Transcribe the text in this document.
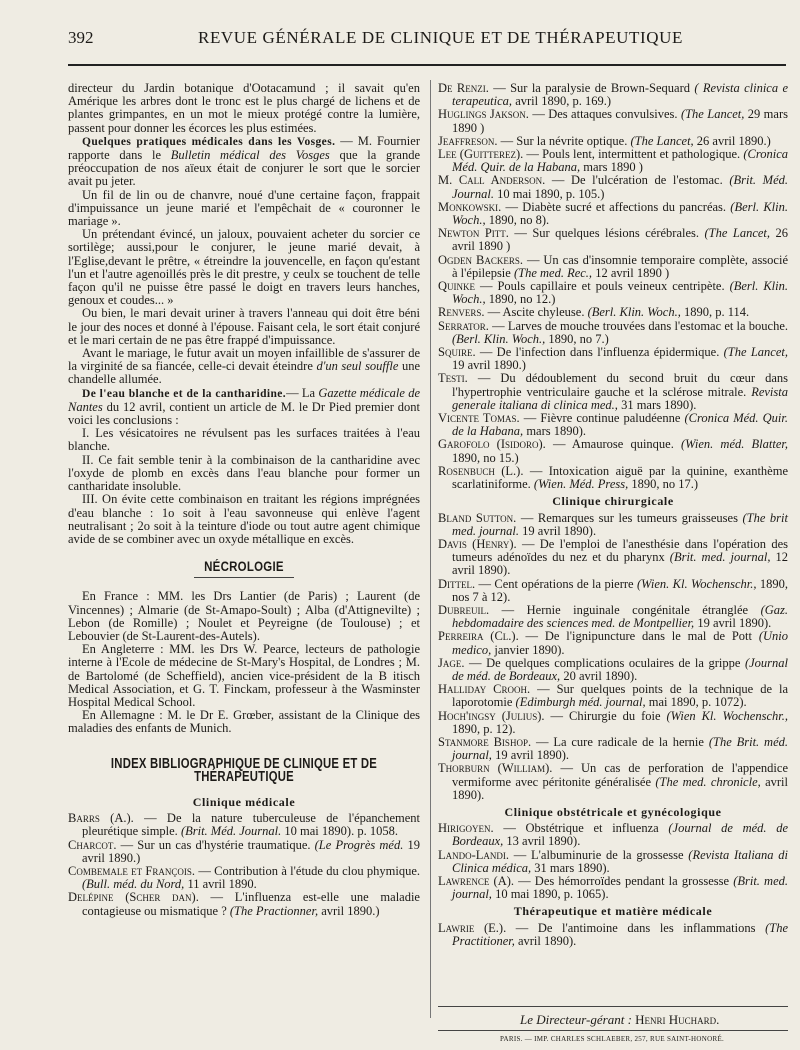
392	REVUE GÉNÉRALE DE CLINIQUE ET DE THÉRAPEUTIQUE

directeur du Jardin botanique d'Ootacamund ; il savait qu'en Amérique les arbres dont le tronc est le plus chargé de lichens et de plantes grimpantes, en un mot le mieux protégé contre la lumière, passent pour donner les écorces les plus estimées.

Quelques pratiques médicales dans les Vosges. — M. Fournier rapporte dans le Bulletin médical des Vosges que la grande préoccupation de nos aïeux était de conjurer le sort que le sorcier avait pu jeter.

Un fil de lin ou de chanvre, noué d'une certaine façon, frappait d'impuissance un jeune marié et l'empêchait de « couronner le mariage ».

Un prétendant évincé, un jaloux, pouvaient acheter du sorcier ce sortilège; aussi,pour le conjurer, le jeune marié devait, à l'Eglise,devant le prêtre, « étreindre la jouvencelle, en façon qu'estant l'un et l'autre agenoillés près le dit prestre, y ceulx se touchent de telle façon qu'il ne puisse être passé le doigt en travers leurs hanches, genoux et coudes... »

Ou bien, le mari devait uriner à travers l'anneau qui doit être béni le jour des noces et donné à l'épouse. Faisant cela, le sort était conjuré et le mari certain de ne pas être frappé d'impuissance.

Avant le mariage, le futur avait un moyen infaillible de s'assurer de la virginité de sa fiancée, celle-ci devait éteindre d'un seul souffle une chandelle allumée.

De l'eau blanche et de la cantharidine.— La Gazette médicale de Nantes du 12 avril, contient un article de M. le Dr Pied premier dont voici les conclusions :

I. Les vésicatoires ne révulsent pas les surfaces traitées à l'eau blanche.

II. Ce fait semble tenir à la combinaison de la cantharidine avec l'oxyde de plomb en excès dans l'eau blanche pour former un cantharidate insoluble.

III. On évite cette combinaison en traitant les régions imprégnées d'eau blanche : 1o soit à l'eau savonneuse qui enlève l'agent neutralisant ; 2o soit à la teinture d'iode ou tout autre agent chimique avide de se combiner avec un oxyde métallique en excès.

NÉCROLOGIE

En France : MM. les Drs Lantier (de Paris) ; Laurent (de Vincennes) ; Almarie (de St-Amapo-Soult) ; Alba (d'Attignevilte) ; Lebon (de Romille) ; Noulet et Peyreigne (de Toulouse) ; et Lebouvier (de St-Laurent-des-Autels).

En Angleterre : MM. les Drs W. Pearce, lecteurs de pathologie interne à l'Ecole de médecine de St-Mary's Hospital, de Londres ; M. de Bartolomé (de Scheffield), ancien vice-président de la B itisch Medical Association, et G. T. Finckam, professeur à the Wasminster Hospital Medical School.

En Allemagne : M. le Dr E. Grœber, assistant de la Clinique des maladies des enfants de Munich.

INDEX BIBLIOGRAPHIQUE DE CLINIQUE ET DE THÉRAPEUTIQUE
Clinique médicale

Barrs (A.). — De la nature tuberculeuse de l'épanchement pleurétique simple. (Brit. Méd. Journal. 10 mai 1890). p. 1058.

Charcot. — Sur un cas d'hystérie traumatique. (Le Progrès méd. 19 avril 1890.)

Combemale et François. — Contribution à l'étude du clou phymique. (Bull. méd. du Nord, 11 avril 1890.

Delépine (Scher dan). — L'influenza est-elle une maladie contagieuse ou mismatique ? (The Practionner, avril 1890.)

De Renzi. — Sur la paralysie de Brown-Sequard ( Revista clinica e terapeutica, avril 1890, p. 169.)

Huglings Jakson. — Des attaques convulsives. (The Lancet, 29 mars 1890 )

Jeaffreson. — Sur la névrite optique. (The Lancet, 26 avril 1890.)

Lee (Guitterez). — Pouls lent, intermittent et pathologique. (Cronica Méd. Quir. de la Habana, mars 1890 )

M. Call Anderson. — De l'ulcération de l'estomac. (Brit. Méd. Journal. 10 mai 1890, p. 105.)

Monkowski. — Diabète sucré et affections du pancréas. (Berl. Klin. Woch., 1890, no 8).

Newton Pitt. — Sur quelques lésions cérébrales. (The Lancet, 26 avril 1890 )

Ogden Backers. — Un cas d'insomnie temporaire complète, associé à l'épilepsie (The med. Rec., 12 avril 1890 )

Quinke — Pouls capillaire et pouls veineux centripète. (Berl. Klin. Woch., 1890, no 12.)

Renvers. — Ascite chyleuse. (Berl. Klin. Woch., 1890, p. 114.

Serrator. — Larves de mouche trouvées dans l'estomac et la bouche. (Berl. Klin. Woch., 1890, no 7.)

Squire. — De l'infection dans l'influenza épidermique. (The Lancet, 19 avril 1890.)

Testi. — Du dédoublement du second bruit du cœur dans l'hypertrophie ventriculaire gauche et la sclérose mitrale. Revista generale italiana di clinica med., 31 mars 1890).

Vicente Tomas. — Fièvre continue paludéenne (Cronica Méd. Quir. de la Habana, mars 1890).

Garofolo (Isidoro). — Amaurose quinque. (Wien. méd. Blatter, 1890, no 15.)

Rosenbuch (L.). — Intoxication aiguë par la quinine, exanthème scarlatiniforme. (Wien. Méd. Press, 1890, no 17.)

Clinique chirurgicale

Bland Sutton. — Remarques sur les tumeurs graisseuses (The brit med. journal. 19 avril 1890).

Davis (Henry). — De l'emploi de l'anesthésie dans l'opération des tumeurs adénoïdes du nez et du pharynx (Brit. med. journal, 12 avril 1890).

Dittel. — Cent opérations de la pierre (Wien. Kl. Wochenschr., 1890, nos 7 à 12).

Dubreuil. — Hernie inguinale congénitale étranglée (Gaz. hebdomadaire des sciences med. de Montpellier, 19 avril 1890).

Perreira (Cl.). — De l'ignipuncture dans le mal de Pott (Unio medico, janvier 1890).

Jage. — De quelques complications oculaires de la grippe (Journal de méd. de Bordeaux, 20 avril 1890).

Halliday Crooh. — Sur quelques points de la technique de la laporotomie (Edimburgh méd. journal, mai 1890, p. 1072).

Hoch'ingsy (Julius). — Chirurgie du foie (Wien Kl. Wochenschr., 1890, p. 12).

Stanmore Bishop. — La cure radicale de la hernie (The Brit. méd. journal, 19 avril 1890).

Thorburn (William). — Un cas de perforation de l'appendice vermiforme avec péritonite généralisée (The med. chronicle, avril 1890).

Clinique obstétricale et gynécologique

Hirigoyen. — Obstétrique et influenza (Journal de méd. de Bordeaux, 13 avril 1890).

Lando-Landi. — L'albuminurie de la grossesse (Revista Italiana di Clinica médica, 31 mars 1890).

Lawrence (A). — Des hémorroïdes pendant la grossesse (Brit. med. journal, 10 mai 1890, p. 1065).

Thérapeutique et matière médicale

Lawrie (E.). — De l'antimoine dans les inflammations (The Practitioner, avril 1890).

Le Directeur-gérant : Henri Huchard.
PARIS. — IMP. CHARLES SCHLAEBER, 257, RUE SAINT-HONORÉ.
